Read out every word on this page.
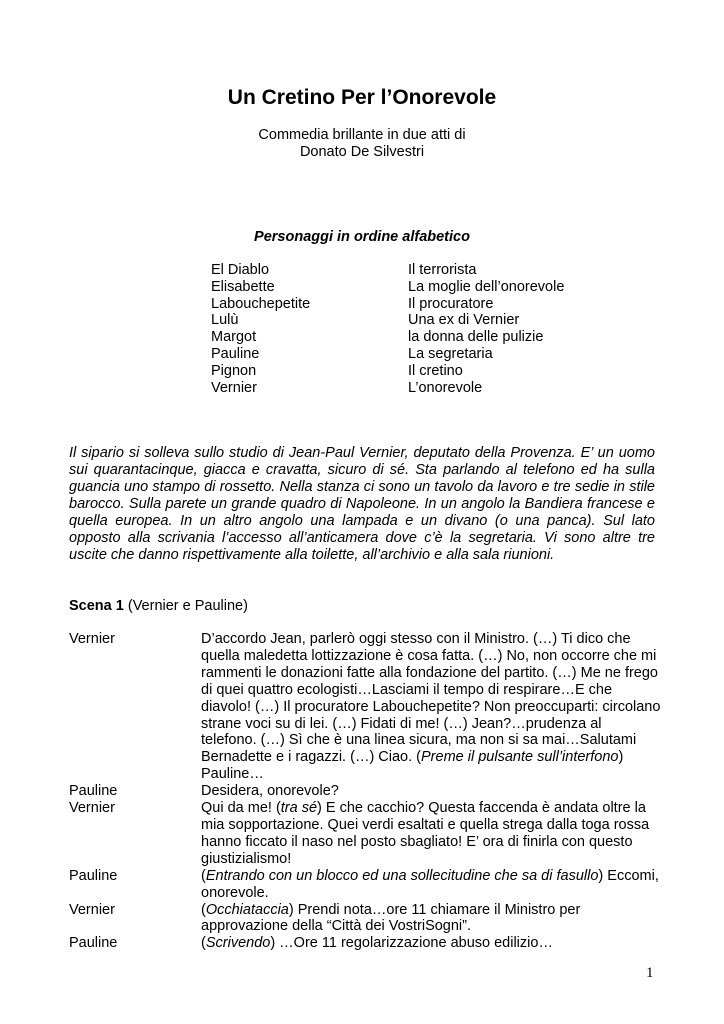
Un Cretino Per l’Onorevole
Commedia brillante in due atti di
Donato De Silvestri
Personaggi in ordine alfabetico
El Diablo	Il terrorista
Elisabette	La moglie dell’onorevole
Labouchepetite	Il procuratore
Lulù	Una ex di Vernier
Margot	la donna delle pulizie
Pauline	La segretaria
Pignon	Il cretino
Vernier	L’onorevole
Il sipario si solleva sullo studio di Jean-Paul Vernier, deputato della Provenza. E’ un uomo sui quarantacinque, giacca e cravatta, sicuro di sé. Sta parlando al telefono ed ha sulla guancia uno stampo di rossetto. Nella stanza ci sono un tavolo da lavoro e tre sedie in stile barocco. Sulla parete un grande quadro di Napoleone. In un angolo la Bandiera francese e quella europea. In un altro angolo una lampada e un divano (o una panca). Sul lato opposto alla scrivania l’accesso all’anticamera dove c’è la segretaria. Vi sono altre tre uscite che danno rispettivamente alla toilette, all’archivio e alla sala riunioni.
Scena 1 (Vernier e Pauline)
Vernier	D’accordo Jean, parlerò oggi stesso con il Ministro. (…) Ti dico che quella maledetta lottizzazione è cosa fatta. (…) No, non occorre che mi rammenti le donazioni fatte alla fondazione del partito. (…) Me ne frego di quei quattro ecologisti…Lasciami il tempo di respirare…E che diavolo! (…) Il procuratore Labouchepetite? Non preoccuparti: circolano strane voci su di lei. (…) Fidati di me! (…) Jean?…prudenza al telefono. (…) Sì che è una linea sicura, ma non si sa mai…Salutami Bernadette e i ragazzi. (…) Ciao. (Preme il pulsante sull’interfono) Pauline…
Pauline	Desidera, onorevole?
Vernier	Qui da me! (tra sé) E che cacchio? Questa faccenda è andata oltre la mia sopportazione. Quei verdi esaltati e quella strega dalla toga rossa hanno ficcato il naso nel posto sbagliato! E’ ora di finirla con questo giustizialismo!
Pauline	(Entrando con un blocco ed una sollecitudine che sa di fasullo) Eccomi, onorevole.
Vernier	(Occhiataccia) Prendi nota…ore 11 chiamare il Ministro per approvazione della “Città dei VostriSogni”.
Pauline	(Scrivendo) …Ore 11 regolarizzazione abuso edilizio…
1
